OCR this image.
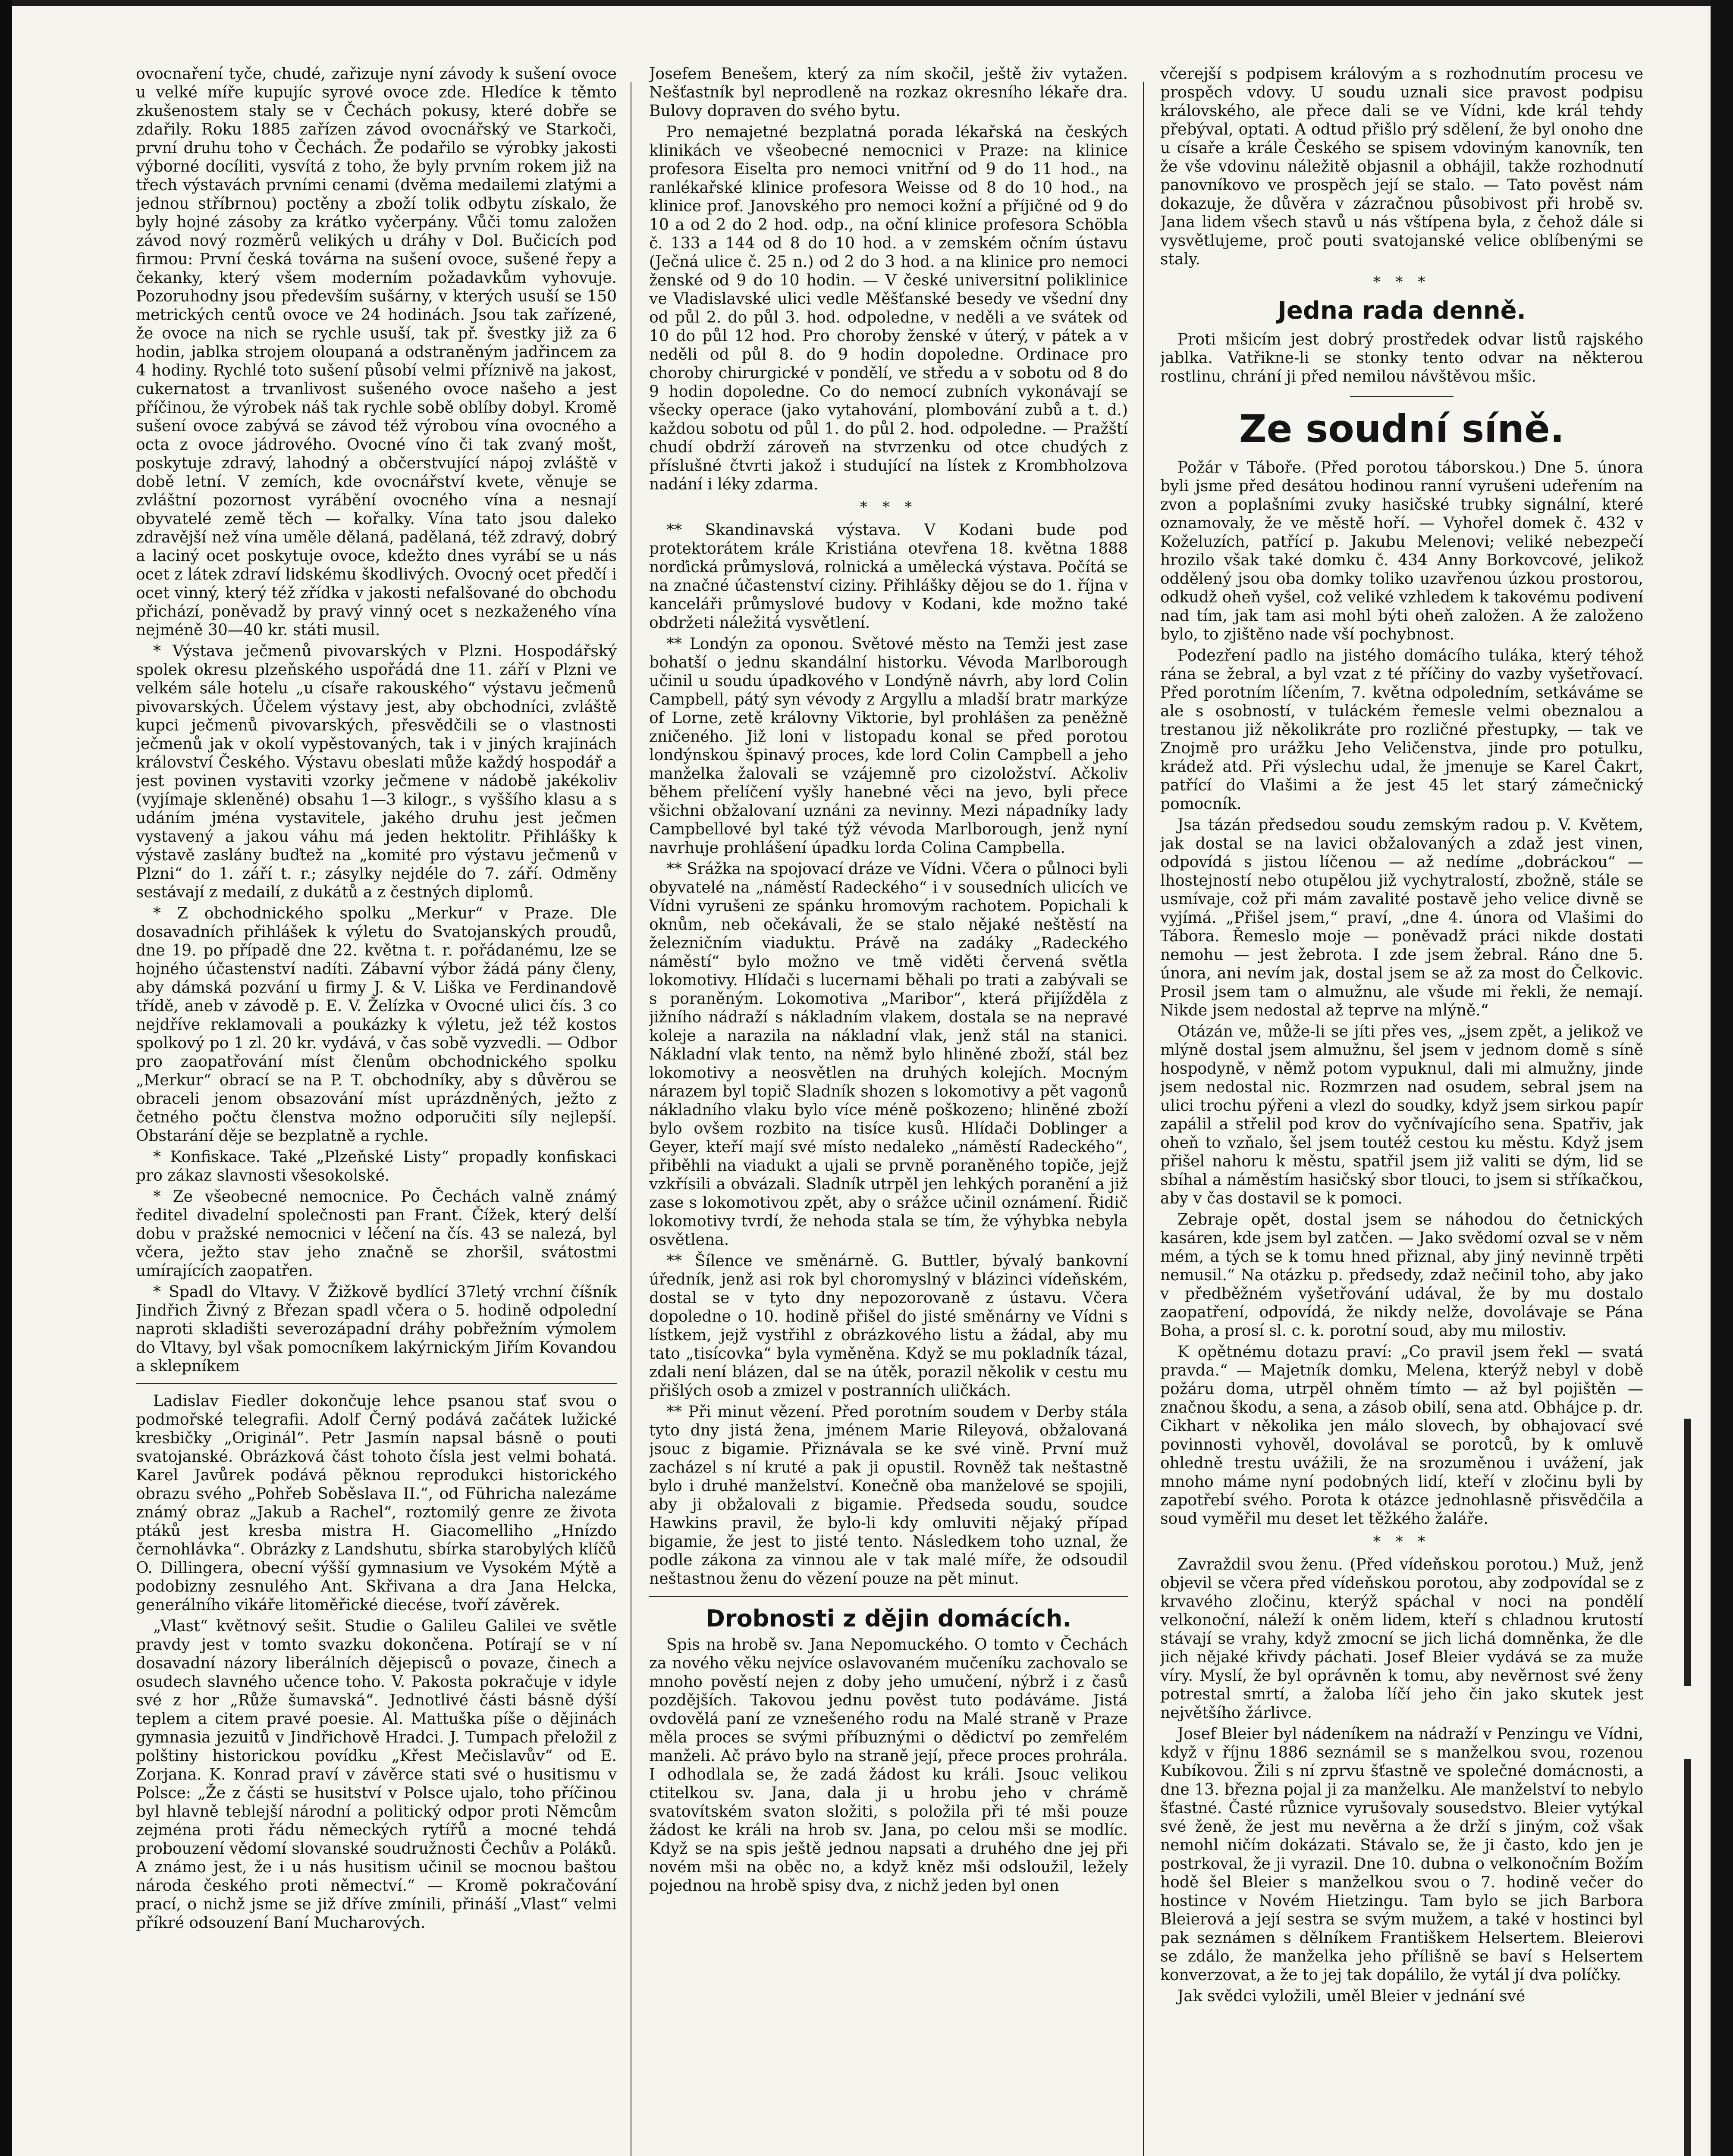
ovocnaření tyče, chudé, zařizuje nyní závody k sušení ovoce u velké míře kupujíc syrové ovoce zde. Hledíce k těmto zkušenostem staly se v Čechách pokusy, které dobře se zdařily. Roku 1885 zařízen závod ovocnářský ve Starkoči, první druhu toho v Čechách. Že podařilo se výrobky jakosti výborné docíliti, vysvítá z toho, že byly prvním rokem již na třech výstavách prvními cenami (dvěma medailemi zlatými a jednou stříbrnou) poctěny a zboží tolik odbytu získalo, že byly hojné zásoby za krátko vyčerpány. Vůči tomu založen závod nový rozměrů velikých u dráhy v Dol. Bučicích pod firmou: První česká továrna na sušení ovoce, sušené řepy a čekanky, který všem moderním požadavkům vyhovuje. Pozoruhodny jsou především sušárny, v kterých usuší se 150 metrických centů ovoce ve 24 hodinách. Jsou tak zařízené, že ovoce na nich se rychle usuší, tak př. švestky již za 6 hodin, jablka strojem oloupaná a odstraněným jadřincem za 4 hodiny. Rychlé toto sušení působí velmi příznivě na jakost, cukernatost a trvanlivost sušeného ovoce našeho a jest příčinou, že výrobek náš tak rychle sobě oblíby dobyl. Kromě sušení ovoce zabývá se závod též výrobou vína ovocného a octa z ovoce jádrového. Ovocné víno či tak zvaný mošt, poskytuje zdravý, lahodný a občerstvující nápoj zvláště v době letní. V zemích, kde ovocnářství kvete, věnuje se zvláštní pozornost vyrábění ovocného vína a nesnají obyvatelé země těch — kořalky. Vína tato jsou daleko zdravější než vína uměle dělaná, padělaná, též zdravý, dobrý a laciný ocet poskytuje ovoce, kdežto dnes vyrábí se u nás ocet z látek zdraví lidskému škodlivých. Ovocný ocet předčí i ocet vinný, který též zřídka v jakosti nefalšované do obchodu přichází, poněvadž by pravý vinný ocet s nezkaženého vína nejméně 30—40 kr. státi musil.

* Výstava ječmenů pivovarských v Plzni. Hospodářský spolek okresu plzeňského uspořádá dne 11. září v Plzni ve velkém sále hotelu „u císaře rakouského“ výstavu ječmenů pivovarských. Účelem výstavy jest, aby obchodníci, zvláště kupci ječmenů pivovarských, přesvědčili se o vlastnosti ječmenů jak v okolí vypěstovaných, tak i v jiných krajinách království Českého. Výstavu obeslati může každý hospodář a jest povinen vystaviti vzorky ječmene v nádobě jakékoliv (vyjímaje skleněné) obsahu 1—3 kilogr., s vyššího klasu a s udáním jména vystavitele, jakého druhu jest ječmen vystavený a jakou váhu má jeden hektolitr. Přihlášky k výstavě zaslány buďtež na „komité pro výstavu ječmenů v Plzni“ do 1. září t. r.; zásylky nejdéle do 7. září. Odměny sestávají z medailí, z dukátů a z čestných diplomů.

* Z obchodnického spolku „Merkur“ v Praze. Dle dosavadních přihlášek k výletu do Svatojanských proudů, dne 19. po případě dne 22. května t. r. pořádanému, lze se hojného účastenství nadíti. Zábavní výbor žádá pány členy, aby dámská pozvání u firmy J. & V. Liška ve Ferdinandově třídě, aneb v závodě p. E. V. Želízka v Ovocné ulici čís. 3 co nejdříve reklamovali a poukázky k výletu, jež též kostos spolkový po 1 zl. 20 kr. vydává, v čas sobě vyzvedli. — Odbor pro zaopatřování míst členům obchodnického spolku „Merkur“ obrací se na P. T. obchodníky, aby s důvěrou se obraceli jenom obsazování míst uprázdněných, ježto z četného počtu členstva možno odporučiti síly nejlepší. Obstarání děje se bezplatně a rychle.

* Konfiskace. Také „Plzeňské Listy“ propadly konfiskaci pro zákaz slavnosti všesokolské.

* Ze všeobecné nemocnice. Po Čechách valně známý ředitel divadelní společnosti pan Frant. Čížek, který delší dobu v pražské nemocnici v léčení na čís. 43 se nalezá, byl včera, ježto stav jeho značně se zhoršil, svátostmi umírajících zaopatřen.

* Spadl do Vltavy. V Žižkově bydlící 37letý vrchní číšník Jindřich Živný z Březan spadl včera o 5. hodině odpolední naproti skladišti severozápadní dráhy pobřežním výmolem do Vltavy, byl však pomocníkem lakýrnickým Jiřím Kovandou a sklepníkem

Ladislav Fiedler dokončuje lehce psanou stať svou o podmořské telegrafii. Adolf Černý podává začátek lužické kresbičky „Originál“. Petr Jasmín napsal básně o pouti svatojanské. Obrázková část tohoto čísla jest velmi bohatá. Karel Javůrek podává pěknou reprodukci historického obrazu svého „Pohřeb Soběslava II.“, od Führicha nalezáme známý obraz „Jakub a Rachel“, roztomilý genre ze života ptáků jest kresba mistra H. Giacomelliho „Hnízdo černohlávka“. Obrázky z Landshutu, sbírka starobylých klíčů O. Dillingera, obecní výšší gymnasium ve Vysokém Mýtě a podobizny zesnulého Ant. Skřivana a dra Jana Helcka, generálního vikáře litoměřické diecése, tvoří závěrek.

„Vlast“ květnový sešit. Studie o Galileu Galilei ve světle pravdy jest v tomto svazku dokončena. Potírají se v ní dosavadní názory liberálních dějepisců o povaze, činech a osudech slavného učence toho. V. Pakosta pokračuje v idyle své z hor „Růže šumavská“. Jednotlivé části básně dýší teplem a citem pravé poesie. Al. Mattuška píše o dějinách gymnasia jezuitů v Jindřichově Hradci. J. Tumpach přeložil z polštiny historickou povídku „Křest Mečislavův“ od E. Zorjana. K. Konrad praví v závěrce stati své o husitismu v Polsce: „Že z části se husitství v Polsce ujalo, toho příčinou byl hlavně teblejší národní a politický odpor proti Němcům zejména proti řádu německých rytířů a mocné tehdá probouzení vědomí slovanské soudružnosti Čechův a Poláků. A známo jest, že i u nás husitism učinil se mocnou baštou národa českého proti němectví.“ — Kromě pokračování prací, o nichž jsme se již dříve zmínili, přináší „Vlast“ velmi příkré odsouzení Baní Mucharových.

Josefem Benešem, který za ním skočil, ještě živ vytažen. Nešťastník byl neprodleně na rozkaz okresního lékaře dra. Bulovy dopraven do svého bytu.

Pro nemajetné bezplatná porada lékařská na českých klinikách ve všeobecné nemocnici v Praze: na klinice profesora Eiselta pro nemoci vnitřní od 9 do 11 hod., na ranlékařské klinice profesora Weisse od 8 do 10 hod., na klinice prof. Janovského pro nemoci kožní a příjičné od 9 do 10 a od 2 do 2 hod. odp., na oční klinice profesora Schöbla č. 133 a 144 od 8 do 10 hod. a v zemském očním ústavu (Ječná ulice č. 25 n.) od 2 do 3 hod. a na klinice pro nemoci ženské od 9 do 10 hodin. — V české universitní poliklinice ve Vladislavské ulici vedle Měšťanské besedy ve všední dny od půl 2. do půl 3. hod. odpoledne, v neděli a ve svátek od 10 do půl 12 hod. Pro choroby ženské v úterý, v pátek a v neděli od půl 8. do 9 hodin dopoledne. Ordinace pro choroby chirurgické v pondělí, ve středu a v sobotu od 8 do 9 hodin dopoledne. Co do nemocí zubních vykonávají se všecky operace (jako vytahování, plombování zubů a t. d.) každou sobotu od půl 1. do půl 2. hod. odpoledne. — Pražští chudí obdrží zároveň na stvrzenku od otce chudých z příslušné čtvrti jakož i studující na lístek z Krombholzova nadání i léky zdarma.

* * *

** Skandinavská výstava. V Kodani bude pod protektorátem krále Kristiána otevřena 18. května 1888 norďická průmyslová, rolnická a umělecká výstava. Počítá se na značné účastenství ciziny. Přihlášky dějou se do 1. října v kanceláři průmyslové budovy v Kodani, kde možno také obdržeti náležitá vysvětlení.

** Londýn za oponou. Světové město na Temži jest zase bohatší o jednu skandální historku. Vévoda Marlborough učinil u soudu úpadkového v Londýně návrh, aby lord Colin Campbell, pátý syn vévody z Argyllu a mladší bratr markýze of Lorne, zetě královny Viktorie, byl prohlášen za peněžně zničeného. Již loni v listopadu konal se před porotou londýnskou špinavý proces, kde lord Colin Campbell a jeho manželka žalovali se vzájemně pro cizoložství. Ačkoliv během přelíčení vyšly hanebné věci na jevo, byli přece všichni obžalovaní uznáni za nevinny. Mezi nápadníky lady Campbellové byl také týž vévoda Marlborough, jenž nyní navrhuje prohlášení úpadku lorda Colina Campbella.

** Srážka na spojovací dráze ve Vídni. Včera o půlnoci byli obyvatelé na „náměstí Radeckého“ i v sousedních ulicích ve Vídni vyrušeni ze spánku hromovým rachotem. Popichali k oknům, neb očekávali, že se stalo nějaké neštěstí na železničním viaduktu. Právě na zadáky „Radeckého náměstí“ bylo možno ve tmě viděti červená světla lokomotivy. Hlídači s lucernami běhali po trati a zabývali se s poraněným. Lokomotiva „Maribor“, která přijížděla z jižního nádraží s nákladním vlakem, dostala se na nepravé koleje a narazila na nákladní vlak, jenž stál na stanici. Nákladní vlak tento, na němž bylo hliněné zboží, stál bez lokomotivy a neosvětlen na druhých kolejích. Mocným nárazem byl topič Sladník shozen s lokomotivy a pět vagonů nákladního vlaku bylo více méně poškozeno; hliněné zboží bylo ovšem rozbito na tisíce kusů. Hlídači Doblinger a Geyer, kteří mají své místo nedaleko „náměstí Radeckého“, přiběhli na viadukt a ujali se prvně poraněného topiče, jejž vzkřísili a obvázali. Sladník utrpěl jen lehkých poranění a již zase s lokomotivou zpět, aby o srážce učinil oznámení. Řidič lokomotivy tvrdí, že nehoda stala se tím, že výhybka nebyla osvětlena.

** Šílence ve směnárně. G. Buttler, bývalý bankovní úředník, jenž asi rok byl choromyslný v blázinci vídeňském, dostal se v tyto dny nepozorovaně z ústavu. Včera dopoledne o 10. hodině přišel do jisté směnárny ve Vídni s lístkem, jejž vystřihl z obrázkového listu a žádal, aby mu tato „tisícovka“ byla vyměněna. Když se mu pokladník tázal, zdali není blázen, dal se na útěk, porazil několik v cestu mu přišlých osob a zmizel v postranních uličkách.

** Při minut vězení. Před porotním soudem v Derby stála tyto dny jistá žena, jménem Marie Rileyová, obžalovaná jsouc z bigamie. Přiznávala se ke své vině. První muž zacházel s ní kruté a pak ji opustil. Rovněž tak neštastně bylo i druhé manželství. Konečně oba manželové se spojili, aby ji obžalovali z bigamie. Předseda soudu, soudce Hawkins pravil, že bylo-li kdy omluviti nějaký případ bigamie, že jest to jisté tento. Následkem toho uznal, že podle zákona za vinnou ale v tak malé míře, že odsoudil neštastnou ženu do vězení pouze na pět minut.

Drobnosti z dějin domácích.

Spis na hrobě sv. Jana Nepomuckého. O tomto v Čechách za nového věku nejvíce oslavovaném mučeníku zachovalo se mnoho pověstí nejen z doby jeho umučení, nýbrž i z časů pozdějších. Takovou jednu pověst tuto podáváme. Jistá ovdovělá paní ze vznešeného rodu na Malé straně v Praze měla proces se svými příbuznými o dědictví po zemřelém manželi. Ač právo bylo na straně její, přece proces prohrála. I odhodlala se, že zadá žádost ku králi. Jsouc velikou ctitelkou sv. Jana, dala ji u hrobu jeho v chrámě svatovítském svaton složiti, s položila při té mši pouze žádost ke králi na hrob sv. Jana, po celou mši se modlíc. Když se na spis ještě jednou napsati a druhého dne jej při novém mši na oběc no, a když kněz mši odsloužil, ležely pojednou na hrobě spisy dva, z nichž jeden byl onen

včerejší s podpisem královým a s rozhodnutím procesu ve prospěch vdovy. U soudu uznali sice pravost podpisu královského, ale přece dali se ve Vídni, kde král tehdy přebýval, optati. A odtud přišlo prý sdělení, že byl onoho dne u císaře a krále Českého se spisem vdoviným kanovník, ten že vše vdovinu náležitě objasnil a obhájil, takže rozhodnutí panovníkovo ve prospěch její se stalo. — Tato pověst nám dokazuje, že důvěra v zázračnou působivost při hrobě sv. Jana lidem všech stavů u nás vštípena byla, z čehož dále si vysvětlujeme, proč pouti svatojanské velice oblíbenými se staly.

* * *
Jedna rada denně.

Proti mšicím jest dobrý prostředek odvar listů rajského jablka. Vatřikne-li se stonky tento odvar na některou rostlinu, chrání ji před nemilou návštěvou mšic.

Ze soudní síně.

Požár v Táboře. (Před porotou táborskou.) Dne 5. února byli jsme před desátou hodinou ranní vyrušeni udeřením na zvon a poplašními zvuky hasičské trubky signální, které oznamovaly, že ve městě hoří. — Vyhořel domek č. 432 v Koželuzích, patřící p. Jakubu Melenovi; veliké nebezpečí hrozilo však také domku č. 434 Anny Borkovcové, jelikož oddělený jsou oba domky toliko uzavřenou úzkou prostorou, odkudž oheň vyšel, což veliké vzhledem k takovému podivení nad tím, jak tam asi mohl býti oheň založen. A že založeno bylo, to zjištěno nade vší pochybnost.

Podezření padlo na jistého domácího tuláka, který téhož rána se žebral, a byl vzat z té příčiny do vazby vyšetřovací. Před porotním líčením, 7. května odpoledním, setkáváme se ale s osobností, v tuláckém řemesle velmi obeznalou a trestanou již několikráte pro rozličné přestupky, — tak ve Znojmě pro urážku Jeho Veličenstva, jinde pro potulku, krádež atd. Při výslechu udal, že jmenuje se Karel Čakrt, patřící do Vlašimi a že jest 45 let starý zámečnický pomocník.

Jsa tázán předsedou soudu zemským radou p. V. Květem, jak dostal se na lavici obžalovaných a zdaž jest vinen, odpovídá s jistou líčenou — až nedíme „dobráckou“ — lhostejností nebo otupělou již vychytralostí, zbožně, stále se usmívaje, což při mám zavalité postavě jeho velice divně se vyjímá. „Přišel jsem,“ praví, „dne 4. února od Vlašimi do Tábora. Řemeslo moje — poněvadž práci nikde dostati nemohu — jest žebrota. I zde jsem žebral. Ráno dne 5. února, ani nevím jak, dostal jsem se až za most do Čelkovic. Prosil jsem tam o almužnu, ale všude mi řekli, že nemají. Nikde jsem nedostal až teprve na mlýně.“

Otázán ve, může-li se jíti přes ves, „jsem zpět, a jelikož ve mlýně dostal jsem almužnu, šel jsem v jednom domě s síně hospodyně, v němž potom vypuknul, dali mi almužny, jinde jsem nedostal nic. Rozmrzen nad osudem, sebral jsem na ulici trochu pýřeni a vlezl do soudky, když jsem sirkou papír zapálil a střelil pod krov do vyčnívajícího sena. Spatřiv, jak oheň to vzňalo, šel jsem toutéž cestou ku městu. Když jsem přišel nahoru k městu, spatřil jsem již valiti se dým, lid se sbíhal a náměstím hasičský sbor tlouci, to jsem si stříkačkou, aby v čas dostavil se k pomoci.

Zebraje opět, dostal jsem se náhodou do četnických kasáren, kde jsem byl zatčen. — Jako svědomí ozval se v něm mém, a tých se k tomu hned přiznal, aby jiný nevinně trpěti nemusil.“ Na otázku p. předsedy, zdaž nečinil toho, aby jako v předběžném vyšetřování udával, že by mu dostalo zaopatření, odpovídá, že nikdy nelže, dovolávaje se Pána Boha, a prosí sl. c. k. porotní soud, aby mu milostiv.

K opětnému dotazu praví: „Co pravil jsem řekl — svatá pravda.“ — Majetník domku, Melena, kterýž nebyl v době požáru doma, utrpěl ohněm tímto — až byl pojištěn — značnou škodu, a sena, a zásob obilí, sena atd. Obhájce p. dr. Cikhart v několika jen málo slovech, by obhajovací své povinnosti vyhověl, dovolával se porotců, by k omluvě ohledně trestu uvážili, že na srozuměnou i uvážení, jak mnoho máme nyní podobných lidí, kteří v zločinu byli by zapotřebí svého. Porota k otázce jednohlasně přisvědčila a soud vyměřil mu deset let těžkého žaláře.

* * *

Zavraždil svou ženu. (Před vídeňskou porotou.) Muž, jenž objevil se včera před vídeňskou porotou, aby zodpovídal se z krvavého zločinu, kterýž spáchal v noci na pondělí velkonoční, náleží k oněm lidem, kteří s chladnou krutostí stávají se vrahy, když zmocní se jich lichá domněnka, že dle jich nějaké křivdy páchati. Josef Bleier vydává se za muže víry. Myslí, že byl oprávněn k tomu, aby nevěrnost své ženy potrestal smrtí, a žaloba líčí jeho čin jako skutek jest největšího žárlivce.

Josef Bleier byl nádeníkem na nádraží v Penzingu ve Vídni, když v říjnu 1886 seznámil se s manželkou svou, rozenou Kubíkovou. Žili s ní zprvu šťastně ve společné domácnosti, a dne 13. března pojal ji za manželku. Ale manželství to nebylo šťastné. Časté různice vyrušovaly sousedstvo. Bleier vytýkal své ženě, že jest mu nevěrna a že drží s jiným, což však nemohl ničím dokázati. Stávalo se, že ji často, kdo jen je postrkoval, že ji vyrazil. Dne 10. dubna o velkonočním Božím hodě šel Bleier s manželkou svou o 7. hodině večer do hostince v Novém Hietzingu. Tam bylo se jich Barbora Bleierová a její sestra se svým mužem, a také v hostinci byl pak seznámen s dělníkem Františkem Helsertem. Bleierovi se zdálo, že manželka jeho přílišně se baví s Helsertem konverzovat, a že to jej tak dopálilo, že vytál jí dva políčky.

Jak svědci vyložili, uměl Bleier v jednání své
